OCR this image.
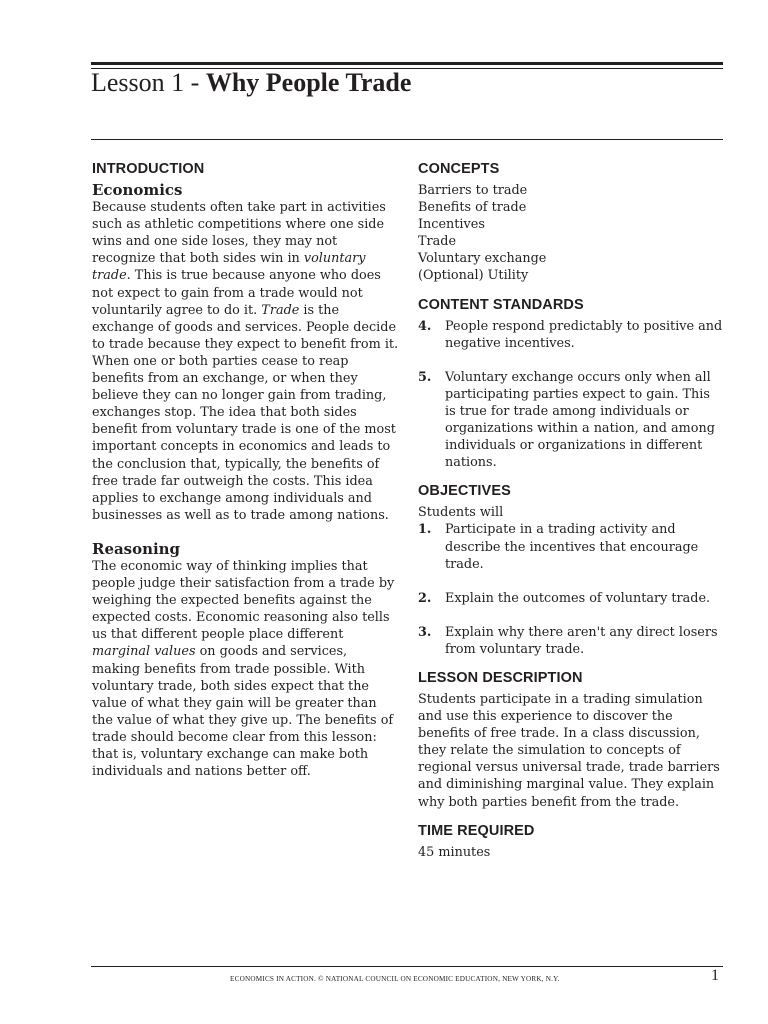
Lesson 1 - Why People Trade
INTRODUCTION
Economics

Because students often take part in activities such as athletic competitions where one side wins and one side loses, they may not recognize that both sides win in voluntary trade. This is true because anyone who does not expect to gain from a trade would not voluntarily agree to do it. Trade is the exchange of goods and services. People decide to trade because they expect to benefit from it. When one or both parties cease to reap benefits from an exchange, or when they believe they can no longer gain from trading, exchanges stop. The idea that both sides benefit from voluntary trade is one of the most important concepts in economics and leads to the conclusion that, typically, the benefits of free trade far outweigh the costs. This idea applies to exchange among individuals and businesses as well as to trade among nations.

Reasoning

The economic way of thinking implies that people judge their satisfaction from a trade by weighing the expected benefits against the expected costs. Economic reasoning also tells us that different people place different marginal values on goods and services, making benefits from trade possible. With voluntary trade, both sides expect that the value of what they gain will be greater than the value of what they give up. The benefits of trade should become clear from this lesson: that is, voluntary exchange can make both individuals and nations better off.

CONCEPTS
Barriers to trade
Benefits of trade
Incentives
Trade
Voluntary exchange
(Optional) Utility
CONTENT STANDARDS
4.	People respond predictably to positive and negative incentives.
5.	Voluntary exchange occurs only when all participating parties expect to gain. This is true for trade among individuals or organizations within a nation, and among individuals or organizations in different nations.
OBJECTIVES

Students will

1.	Participate in a trading activity and describe the incentives that encourage trade.
2.	Explain the outcomes of voluntary trade.
3.	Explain why there aren't any direct losers from voluntary trade.
LESSON DESCRIPTION

Students participate in a trading simulation and use this experience to discover the benefits of free trade. In a class discussion, they relate the simulation to concepts of regional versus universal trade, trade barriers and diminishing marginal value. They explain why both parties benefit from the trade.

TIME REQUIRED

45 minutes

ECONOMICS IN ACTION. © NATIONAL COUNCIL ON ECONOMIC EDUCATION, NEW YORK, N.Y.	1
